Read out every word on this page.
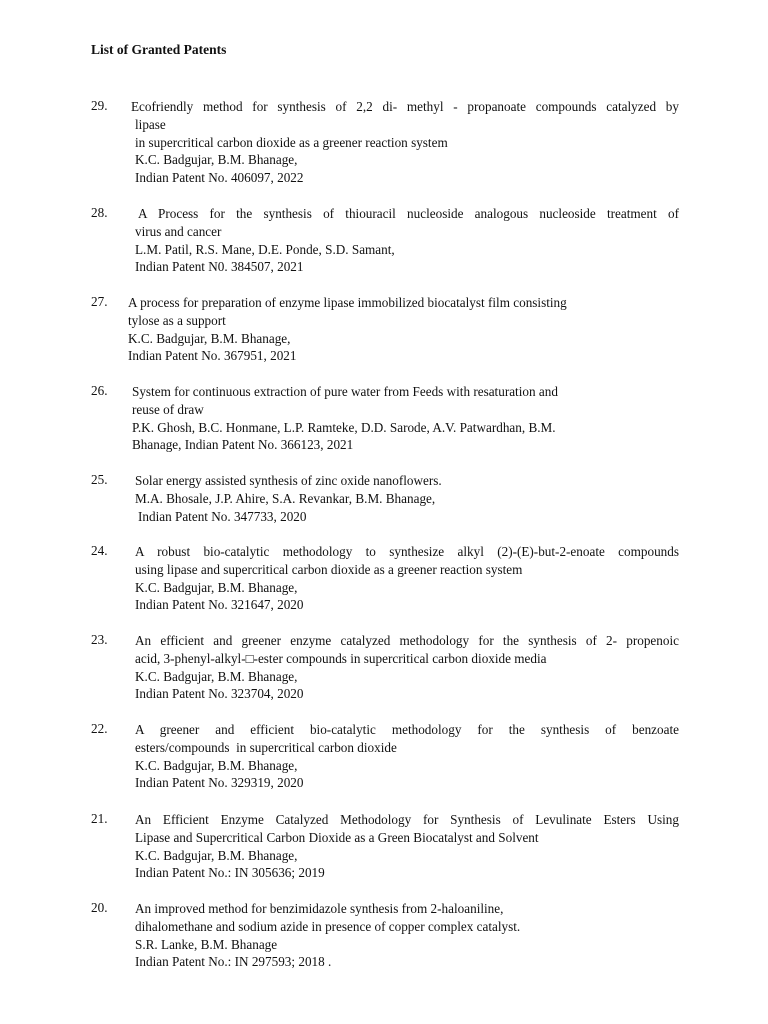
List of Granted Patents

29.	Ecofriendly method for synthesis of 2,2 di- methyl - propanoate compounds catalyzed by
lipase
in supercritical carbon dioxide as a greener reaction system
K.C. Badgujar, B.M. Bhanage,
Indian Patent No. 406097, 2022
28.	A Process for the synthesis of thiouracil nucleoside analogous nucleoside treatment of
virus and cancer
L.M. Patil, R.S. Mane, D.E. Ponde, S.D. Samant,
Indian Patent N0. 384507, 2021
27.	A process for preparation of enzyme lipase immobilized biocatalyst film consisting
tylose as a support
K.C. Badgujar, B.M. Bhanage,
Indian Patent No. 367951, 2021
26.	System for continuous extraction of pure water from Feeds with resaturation and
reuse of draw
P.K. Ghosh, B.C. Honmane, L.P. Ramteke, D.D. Sarode, A.V. Patwardhan, B.M.
Bhanage, Indian Patent No. 366123, 2021
25.	Solar energy assisted synthesis of zinc oxide nanoflowers.
M.A. Bhosale, J.P. Ahire, S.A. Revankar, B.M. Bhanage,
Indian Patent No. 347733, 2020
24.	A robust bio-catalytic methodology to synthesize alkyl (2)-(E)-but-2-enoate compounds
using lipase and supercritical carbon dioxide as a greener reaction system
K.C. Badgujar, B.M. Bhanage,
Indian Patent No. 321647, 2020
23.	An efficient and greener enzyme catalyzed methodology for the synthesis of 2- propenoic
acid, 3-phenyl-alkyl-□-ester compounds in supercritical carbon dioxide media
K.C. Badgujar, B.M. Bhanage,
Indian Patent No. 323704, 2020
22.	A greener and efficient bio-catalytic methodology for the synthesis of benzoate
esters/compounds  in supercritical carbon dioxide
K.C. Badgujar, B.M. Bhanage,
Indian Patent No. 329319, 2020
21.	An Efficient Enzyme Catalyzed Methodology for Synthesis of Levulinate Esters Using
Lipase and Supercritical Carbon Dioxide as a Green Biocatalyst and Solvent
K.C. Badgujar, B.M. Bhanage,
Indian Patent No.: IN 305636; 2019
20.	An improved method for benzimidazole synthesis from 2-haloaniline,
dihalomethane and sodium azide in presence of copper complex catalyst.
S.R. Lanke, B.M. Bhanage
Indian Patent No.: IN 297593; 2018 .
